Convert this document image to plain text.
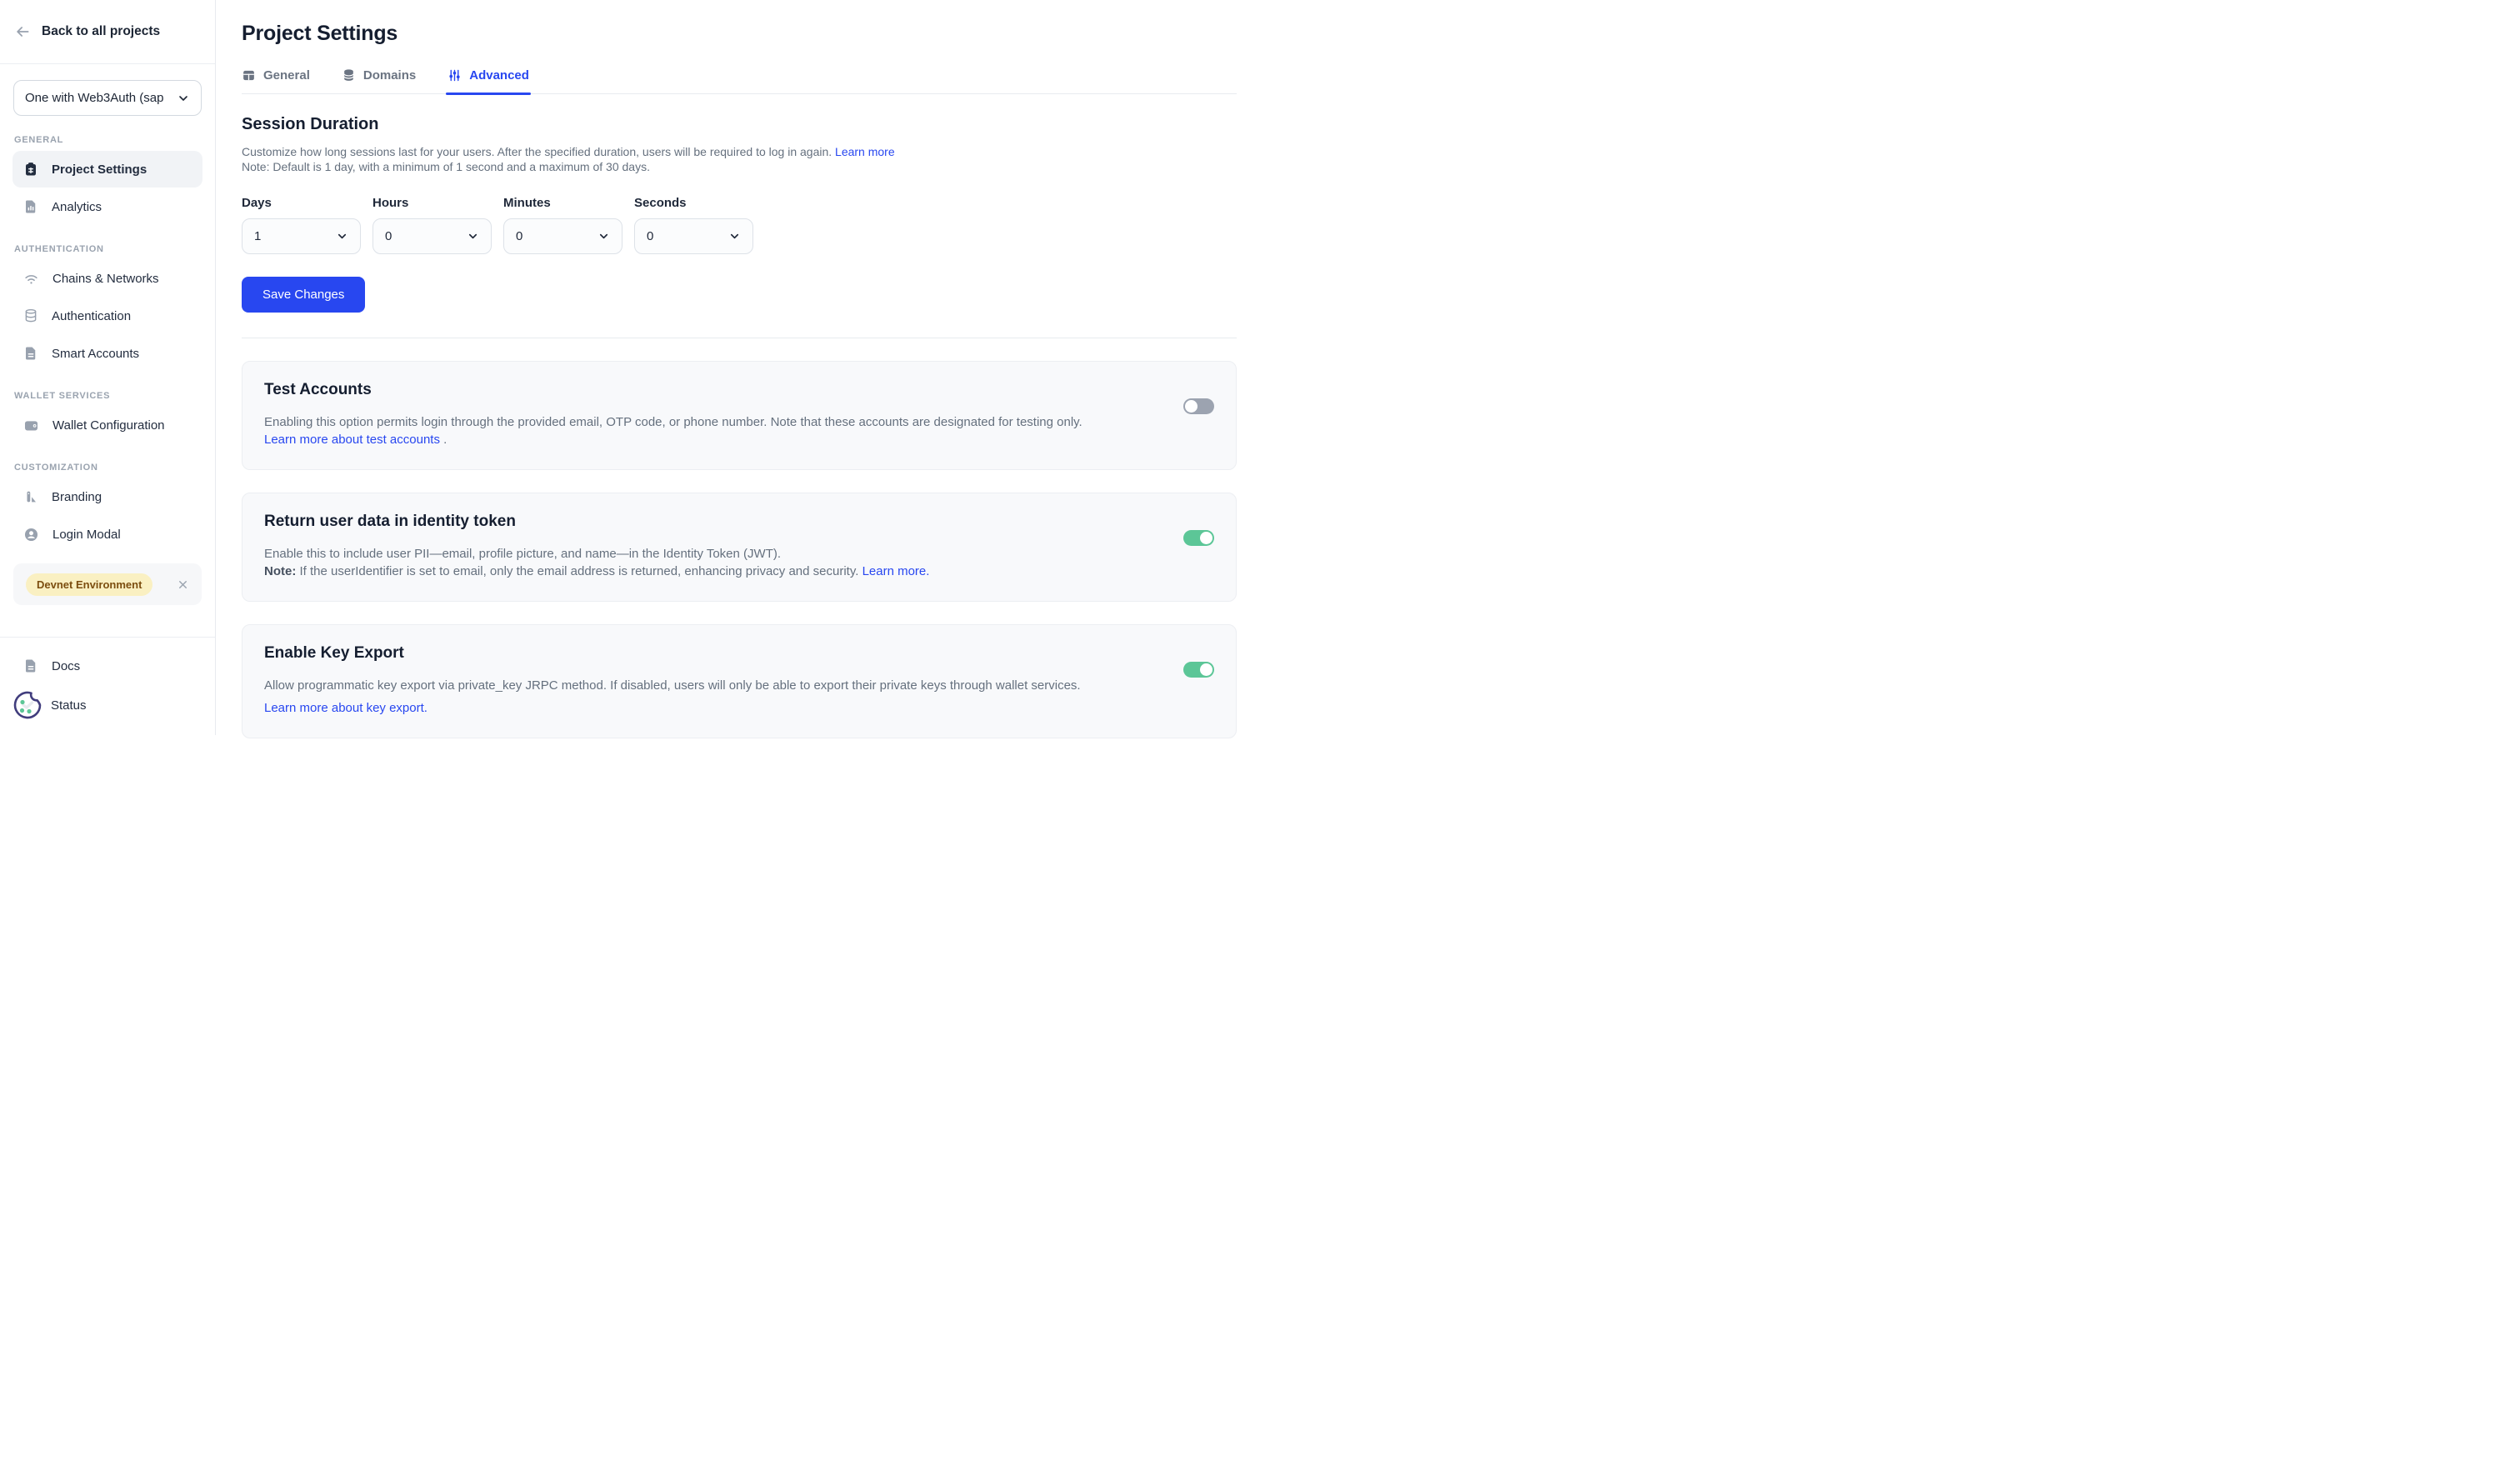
Back to all projects
One with Web3Auth (sap
GENERAL
Project Settings
Analytics
AUTHENTICATION
Chains & Networks
Authentication
Smart Accounts
WALLET SERVICES
Wallet Configuration
CUSTOMIZATION
Branding
Login Modal
Devnet Environment
Docs
Status
Project Settings
General	Domains	Advanced
Session Duration
Customize how long sessions last for your users. After the specified duration, users will be required to log in again. Learn more
Note: Default is 1 day, with a minimum of 1 second and a maximum of 30 days.
Days
1
Hours
0
Minutes
0
Seconds
0
Save Changes
Test Accounts
Enabling this option permits login through the provided email, OTP code, or phone number. Note that these accounts are designated for testing only. Learn more about test accounts .
Return user data in identity token
Enable this to include user PII—email, profile picture, and name—in the Identity Token (JWT).
Note: If the userIdentifier is set to email, only the email address is returned, enhancing privacy and security. Learn more.
Enable Key Export
Allow programmatic key export via private_key JRPC method. If disabled, users will only be able to export their private keys through wallet services.
Learn more about key export.
